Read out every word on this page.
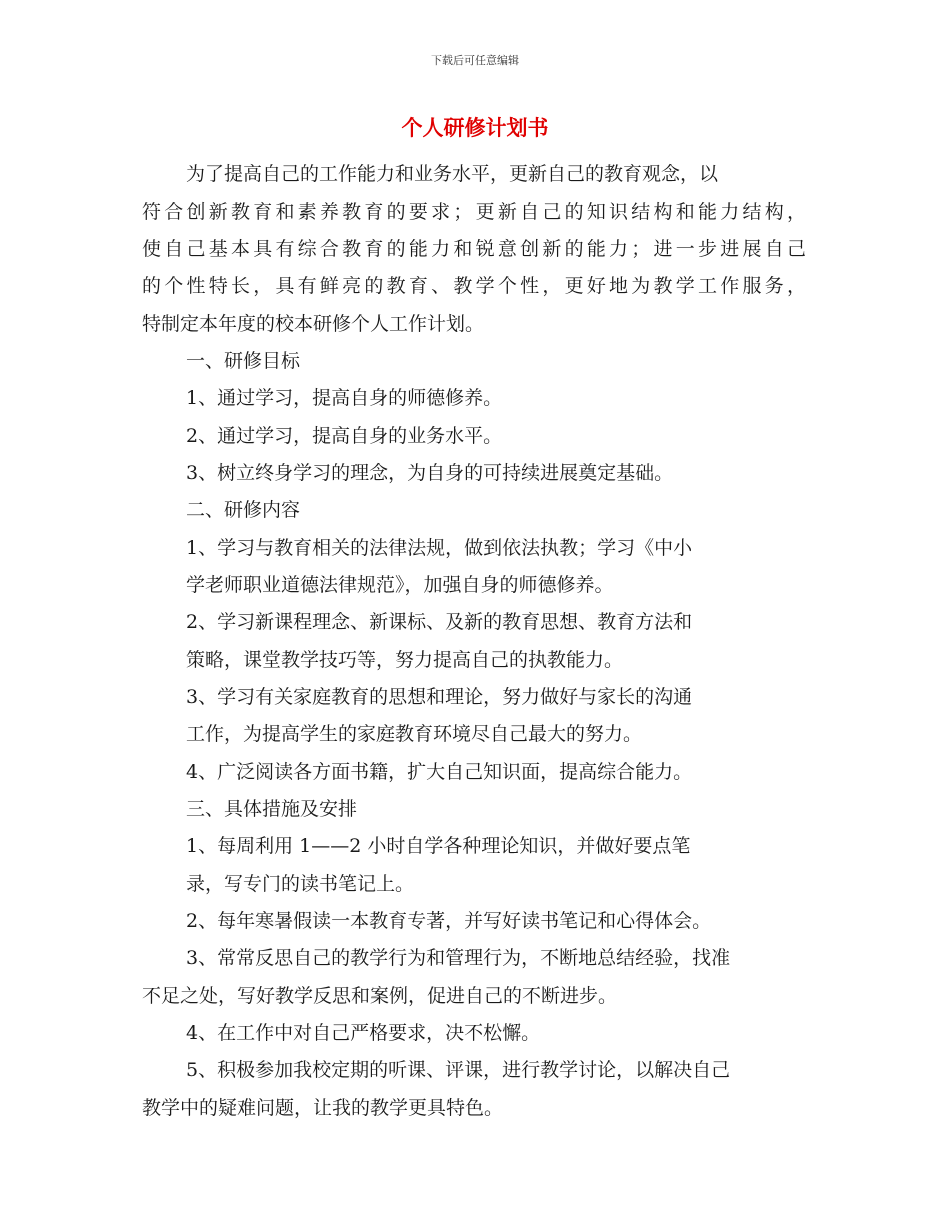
下载后可任意编辑
个人研修计划书
为了提高自己的工作能力和业务水平，更新自己的教育观念，以
符合创新教育和素养教育的要求；更新自己的知识结构和能力结构，
使自己基本具有综合教育的能力和锐意创新的能力；进一步进展自己
的个性特长，具有鲜亮的教育、教学个性，更好地为教学工作服务，
特制定本年度的校本研修个人工作计划。
一、研修目标
1、通过学习，提高自身的师德修养。
2、通过学习，提高自身的业务水平。
3、树立终身学习的理念，为自身的可持续进展奠定基础。
二、研修内容
1、学习与教育相关的法律法规，做到依法执教；学习《中小
学老师职业道德法律规范》，加强自身的师德修养。
2、学习新课程理念、新课标、及新的教育思想、教育方法和
策略，课堂教学技巧等，努力提高自己的执教能力。
3、学习有关家庭教育的思想和理论，努力做好与家长的沟通
工作，为提高学生的家庭教育环境尽自己最大的努力。
4、广泛阅读各方面书籍，扩大自己知识面，提高综合能力。
三、具体措施及安排
1、每周利用 1——2 小时自学各种理论知识，并做好要点笔
录，写专门的读书笔记上。
2、每年寒暑假读一本教育专著，并写好读书笔记和心得体会。
3、常常反思自己的教学行为和管理行为，不断地总结经验，找准
不足之处，写好教学反思和案例，促进自己的不断进步。
4、在工作中对自己严格要求，决不松懈。
5、积极参加我校定期的听课、评课，进行教学讨论，以解决自己
教学中的疑难问题，让我的教学更具特色。
